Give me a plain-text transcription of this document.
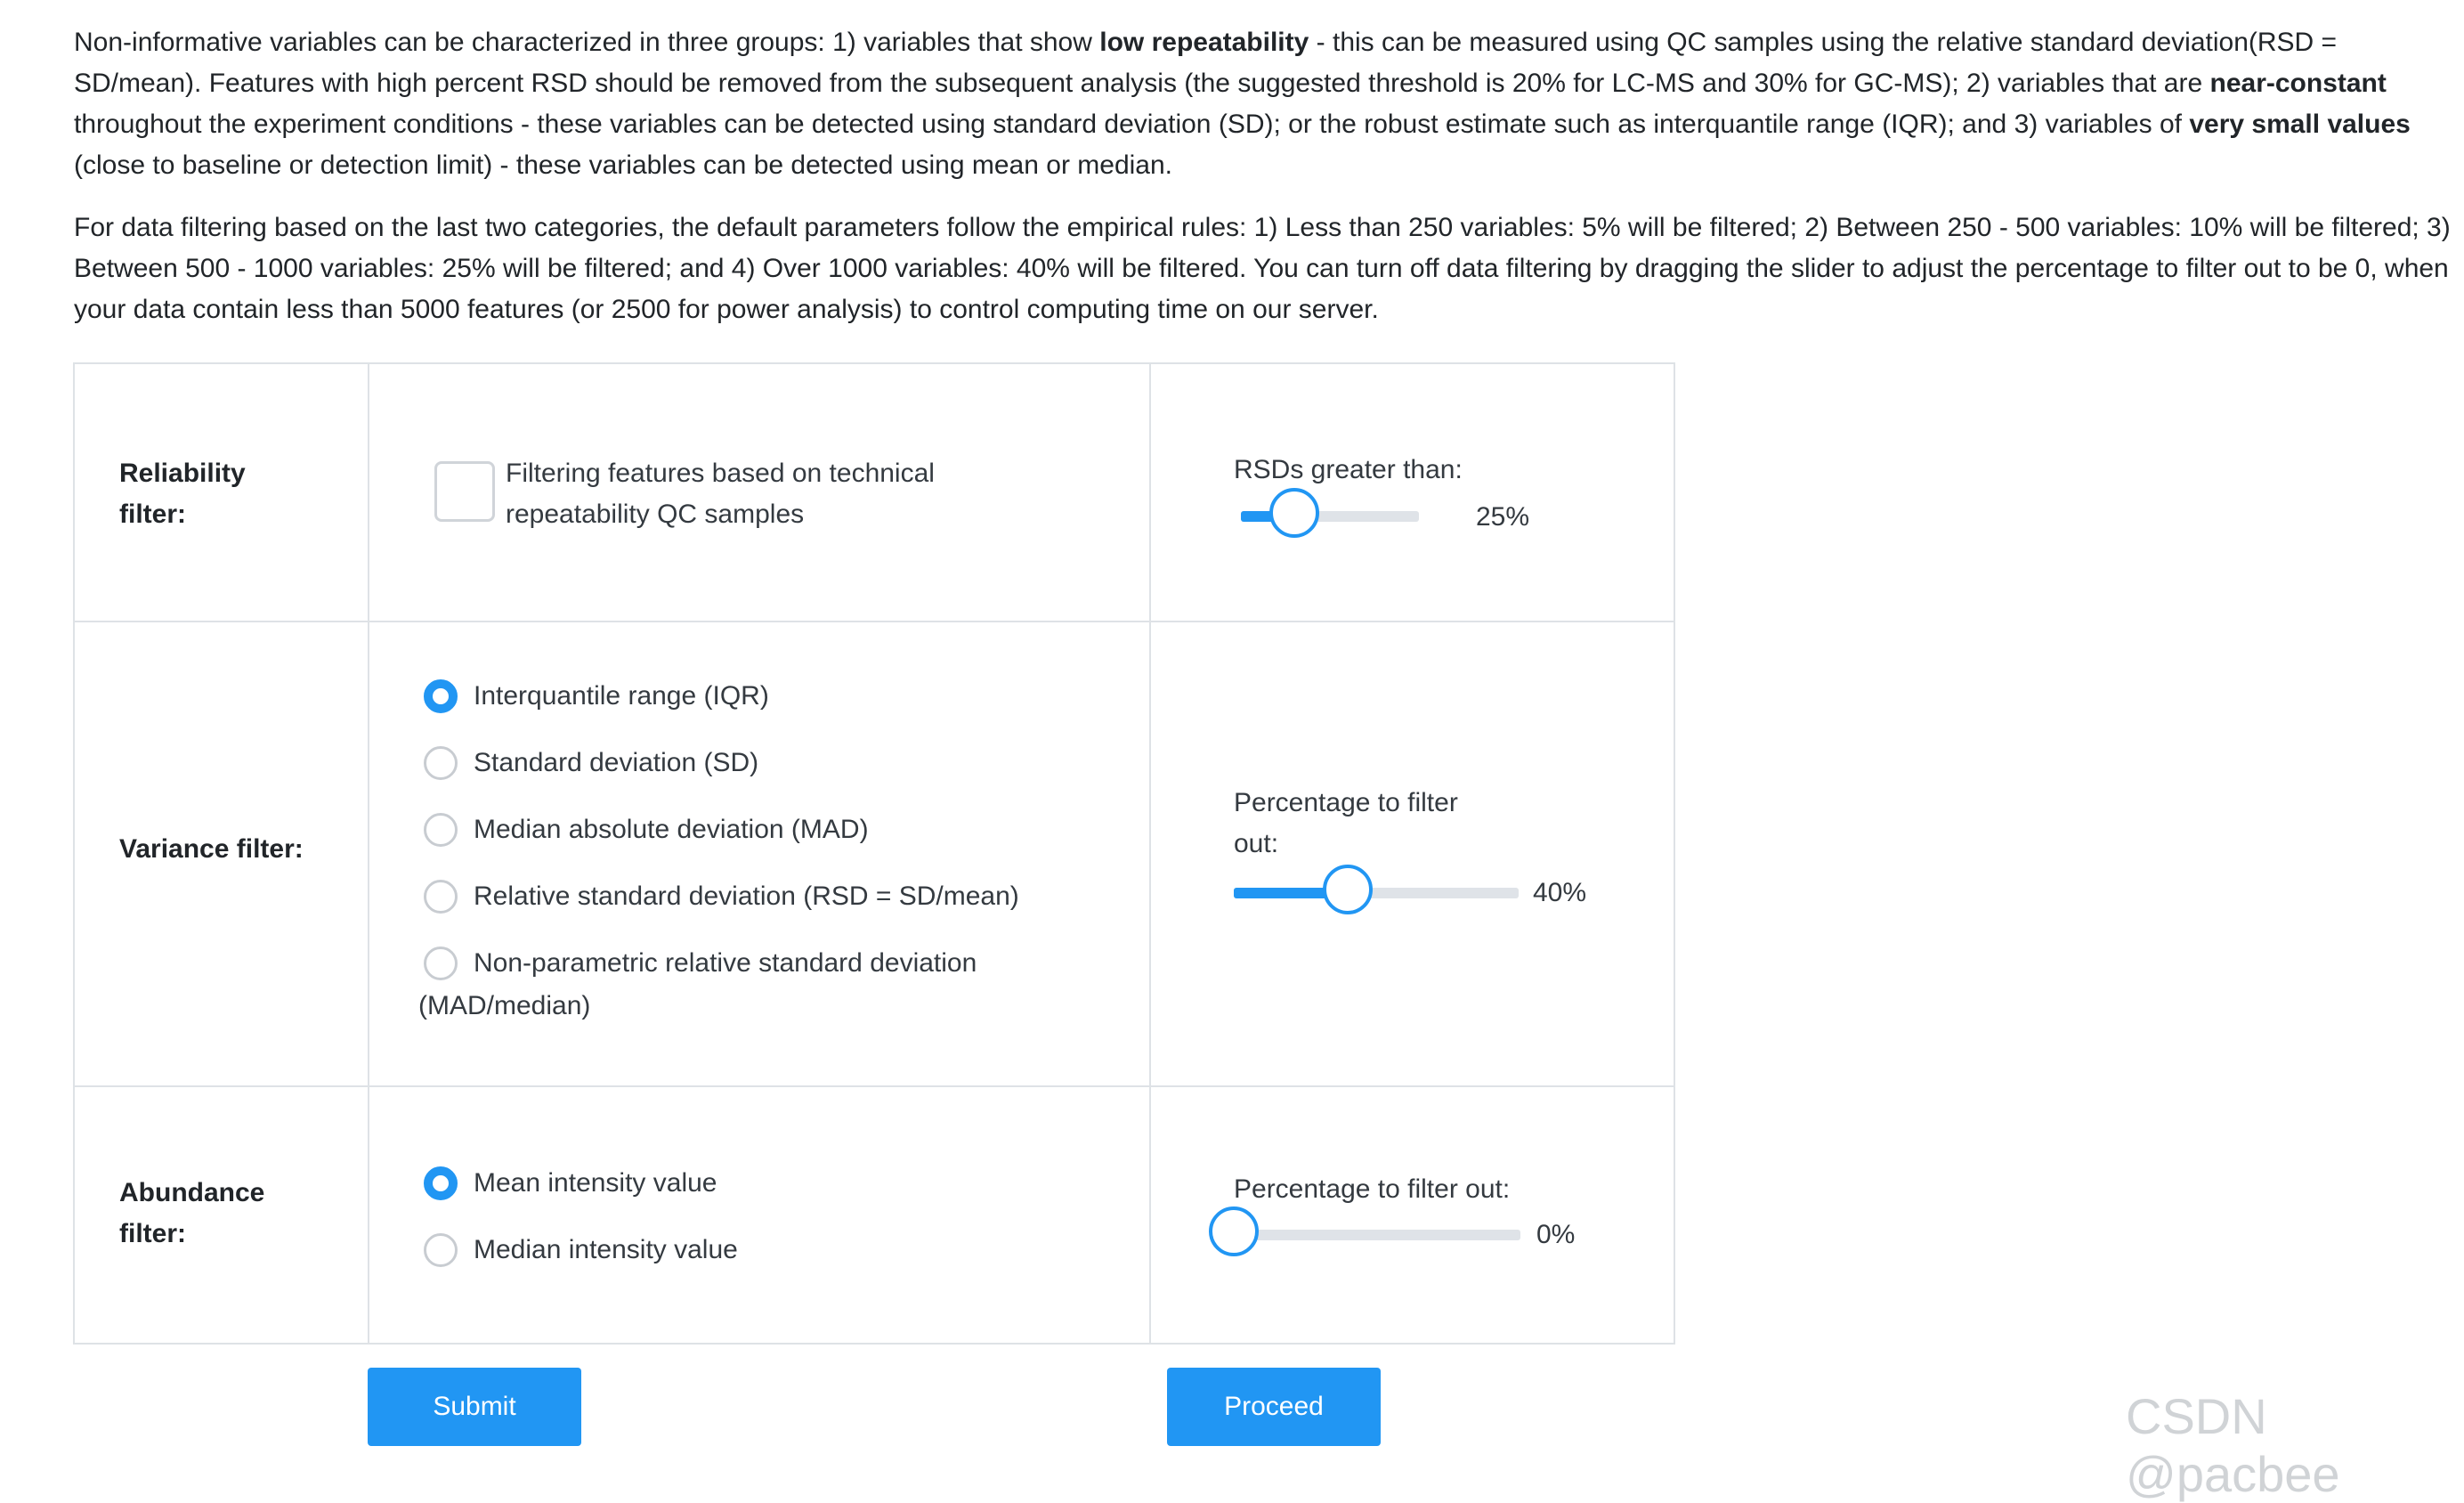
Non-informative variables can be characterized in three groups: 1) variables that show low repeatability - this can be measured using QC samples using the relative standard deviation(RSD = SD/mean). Features with high percent RSD should be removed from the subsequent analysis (the suggested threshold is 20% for LC-MS and 30% for GC-MS); 2) variables that are near-constant throughout the experiment conditions - these variables can be detected using standard deviation (SD); or the robust estimate such as interquantile range (IQR); and 3) variables of very small values (close to baseline or detection limit) - these variables can be detected using mean or median.

For data filtering based on the last two categories, the default parameters follow the empirical rules: 1) Less than 250 variables: 5% will be filtered; 2) Between 250 - 500 variables: 10% will be filtered; 3) Between 500 - 1000 variables: 25% will be filtered; and 4) Over 1000 variables: 40% will be filtered. You can turn off data filtering by dragging the slider to adjust the percentage to filter out to be 0, when your data contain less than 5000 features (or 2500 for power analysis) to control computing time on our server.

Reliability
filter:
Filtering features based on technical
repeatability QC samples
RSDs greater than:
25%
Variance filter:
Interquantile range (IQR)
Standard deviation (SD)
Median absolute deviation (MAD)
Relative standard deviation (RSD = SD/mean)
Non-parametric relative standard deviation
(MAD/median)
Percentage to filter
out:
40%
Abundance
filter:
Mean intensity value
Median intensity value
Percentage to filter out:
0%
Submit	Proceed	CSDN @pacbee
